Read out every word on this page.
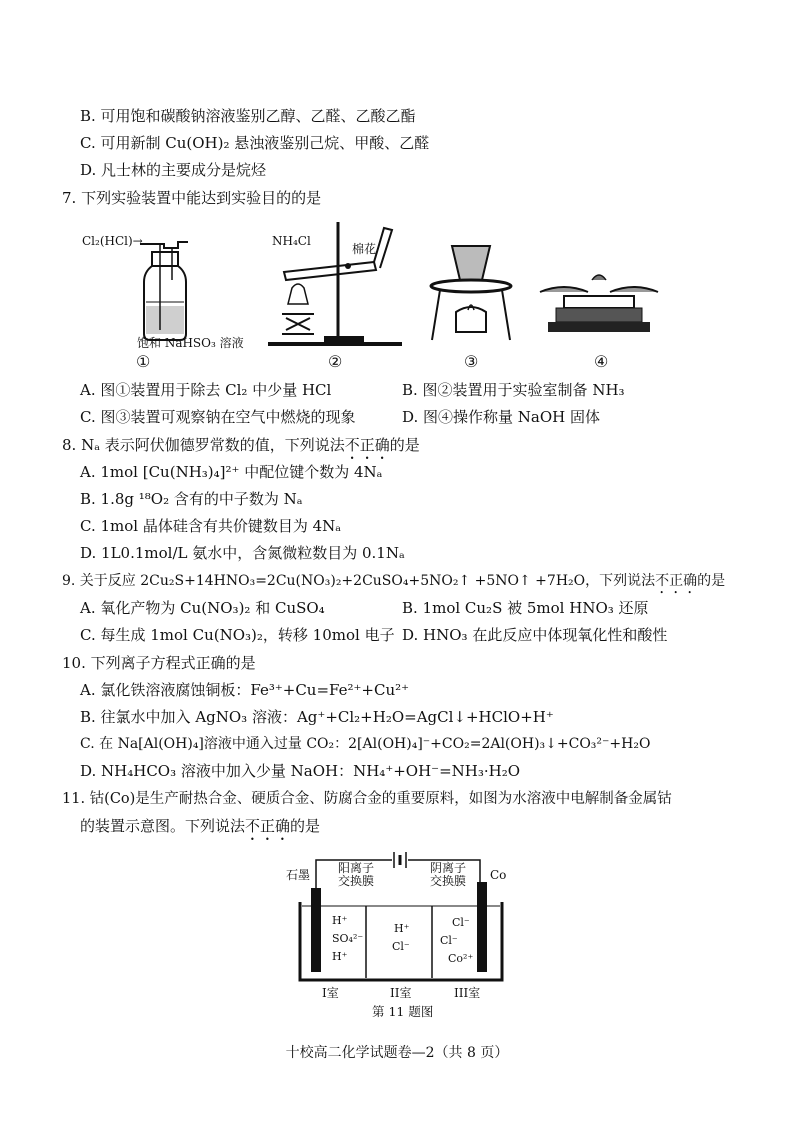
B. 可用饱和碳酸钠溶液鉴别乙醇、乙醛、乙酸乙酯
C. 可用新制 Cu(OH)₂ 悬浊液鉴别己烷、甲酸、乙醛
D. 凡士林的主要成分是烷烃
7. 下列实验装置中能达到实验目的的是
Cl₂(HCl)→
饱和 NaHSO₃ 溶液
①
NH₄Cl
棉花
②	③	④
A. 图①装置用于除去 Cl₂ 中少量 HCl	B. 图②装置用于实验室制备 NH₃
C. 图③装置可观察钠在空气中燃烧的现象	D. 图④操作称量 NaOH 固体
8. Nₐ 表示阿伏伽德罗常数的值，下列说法不正确的是
A. 1mol [Cu(NH₃)₄]²⁺ 中配位键个数为 4Nₐ
B. 1.8g ¹⁸O₂ 含有的中子数为 Nₐ
C. 1mol 晶体硅含有共价键数目为 4Nₐ
D. 1L0.1mol/L 氨水中，含氮微粒数目为 0.1Nₐ
9. 关于反应 2Cu₂S+14HNO₃=2Cu(NO₃)₂+2CuSO₄+5NO₂↑ +5NO↑ +7H₂O，下列说法不正确的是
A. 氧化产物为 Cu(NO₃)₂ 和 CuSO₄	B. 1mol Cu₂S 被 5mol HNO₃ 还原
C. 每生成 1mol Cu(NO₃)₂，转移 10mol 电子 D. HNO₃ 在此反应中体现氧化性和酸性
10. 下列离子方程式正确的是
A. 氯化铁溶液腐蚀铜板：Fe³⁺+Cu=Fe²⁺+Cu²⁺
B. 往氯水中加入 AgNO₃ 溶液：Ag⁺+Cl₂+H₂O=AgCl↓+HClO+H⁺
C. 在 Na[Al(OH)₄]溶液中通入过量 CO₂：2[Al(OH)₄]⁻+CO₂=2Al(OH)₃↓+CO₃²⁻+H₂O
D. NH₄HCO₃ 溶液中加入少量 NaOH：NH₄⁺+OH⁻=NH₃·H₂O
11. 钴(Co)是生产耐热合金、硬质合金、防腐合金的重要原料，如图为水溶液中电解制备金属钴
的装置示意图。下列说法不正确的是
石墨 阳离子
交换膜
阴离子
交换膜 Co
H⁺
SO₄²⁻
H⁺
H⁺
Cl⁻
Cl⁻
Cl⁻
Co²⁺
I室	II室	III室
第 11 题图
十校高二化学试题卷—2（共 8 页）
